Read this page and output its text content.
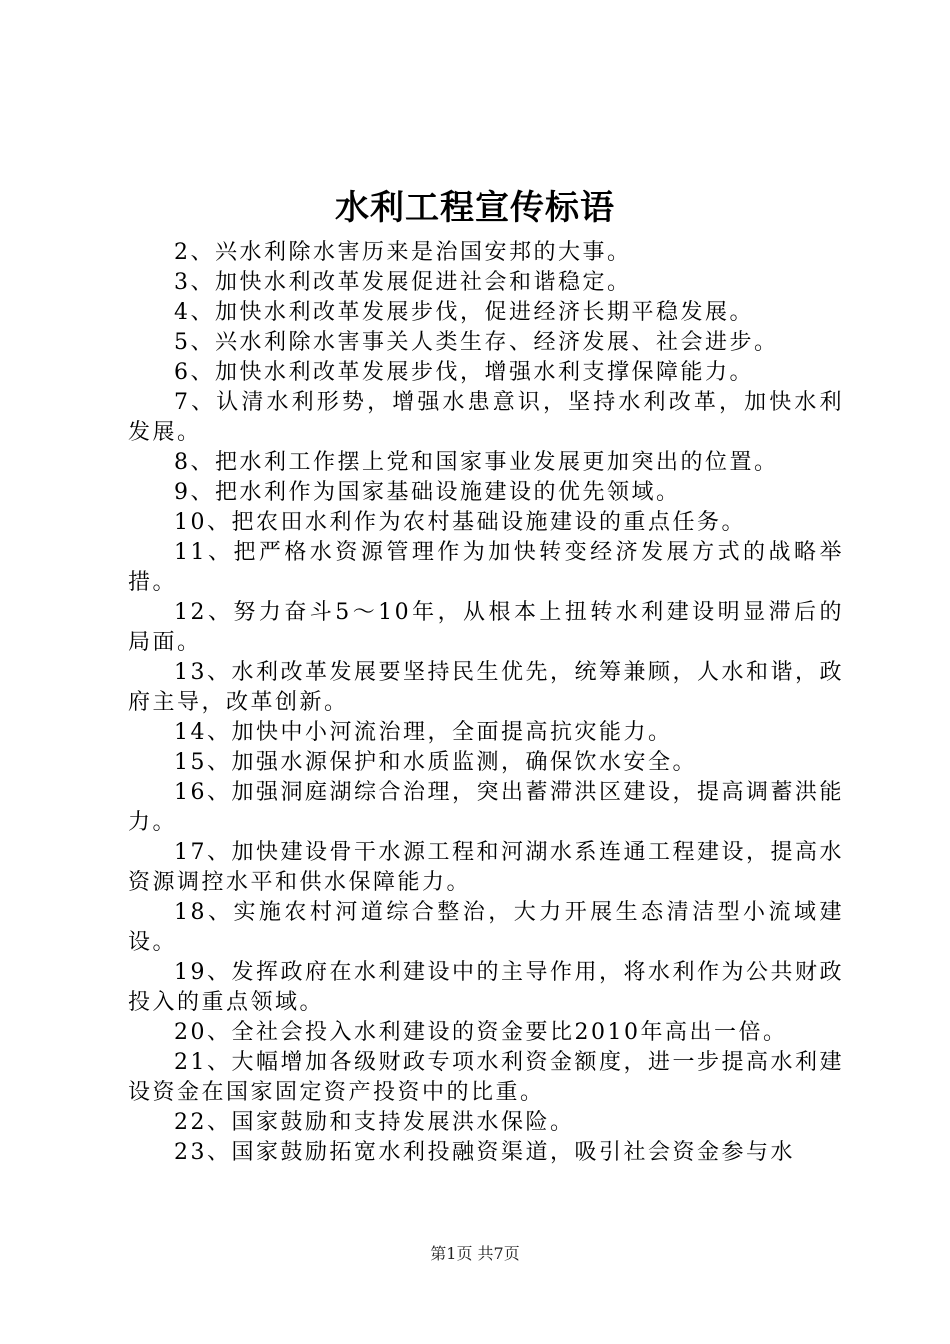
水利工程宣传标语

2、兴水利除水害历来是治国安邦的大事。

3、加快水利改革发展促进社会和谐稳定。

4、加快水利改革发展步伐，促进经济长期平稳发展。

5、兴水利除水害事关人类生存、经济发展、社会进步。

6、加快水利改革发展步伐，增强水利支撑保障能力。

7、认清水利形势，增强水患意识，坚持水利改革，加快水利发展。

8、把水利工作摆上党和国家事业发展更加突出的位置。

9、把水利作为国家基础设施建设的优先领域。

10、把农田水利作为农村基础设施建设的重点任务。

11、把严格水资源管理作为加快转变经济发展方式的战略举措。

12、努力奋斗5～10年，从根本上扭转水利建设明显滞后的局面。

13、水利改革发展要坚持民生优先，统筹兼顾，人水和谐，政府主导，改革创新。

14、加快中小河流治理，全面提高抗灾能力。

15、加强水源保护和水质监测，确保饮水安全。

16、加强洞庭湖综合治理，突出蓄滞洪区建设，提高调蓄洪能力。

17、加快建设骨干水源工程和河湖水系连通工程建设，提高水资源调控水平和供水保障能力。

18、实施农村河道综合整治，大力开展生态清洁型小流域建设。

19、发挥政府在水利建设中的主导作用，将水利作为公共财政投入的重点领域。

20、全社会投入水利建设的资金要比2010年高出一倍。

21、大幅增加各级财政专项水利资金额度，进一步提高水利建设资金在国家固定资产投资中的比重。

22、国家鼓励和支持发展洪水保险。

23、国家鼓励拓宽水利投融资渠道，吸引社会资金参与水

第1页 共7页
